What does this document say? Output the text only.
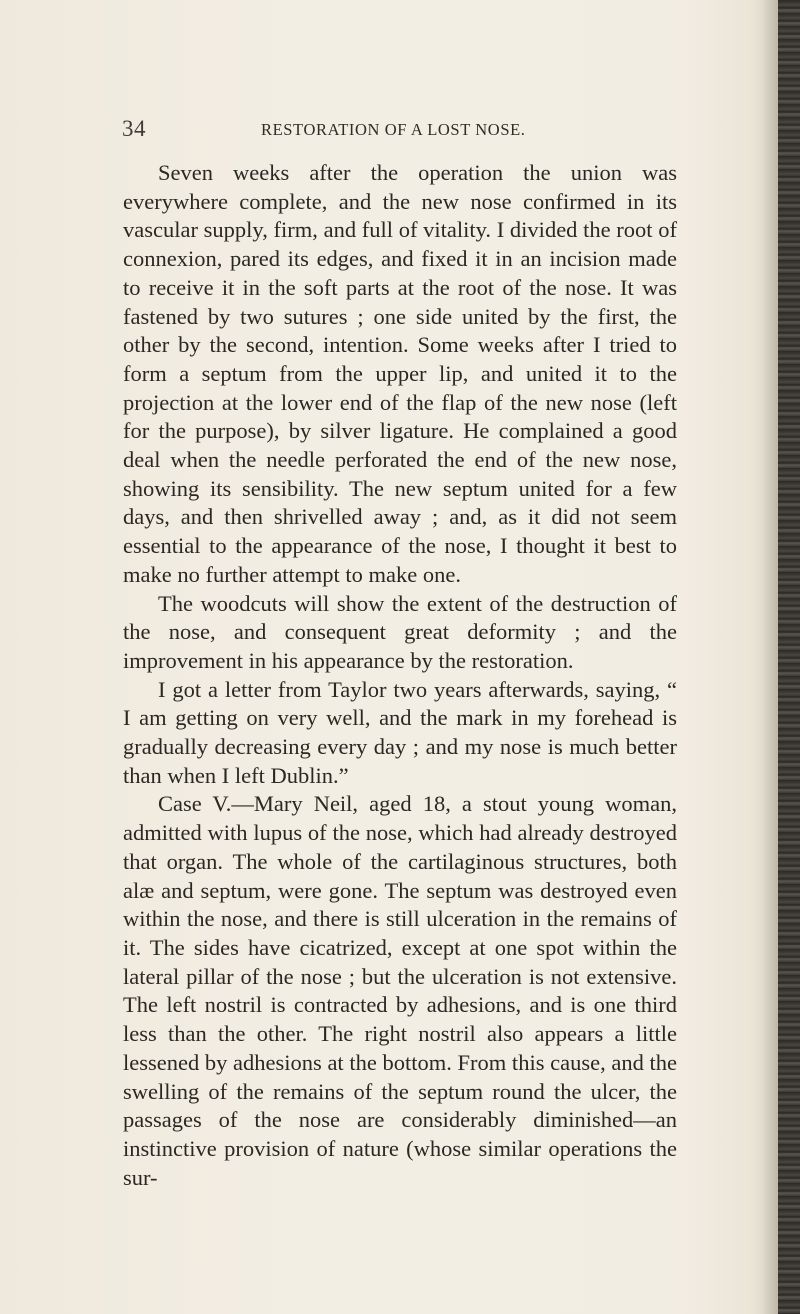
34	RESTORATION OF A LOST NOSE.

Seven weeks after the operation the union was everywhere complete, and the new nose confirmed in its vascular supply, firm, and full of vitality. I divided the root of connexion, pared its edges, and fixed it in an incision made to receive it in the soft parts at the root of the nose. It was fastened by two sutures ; one side united by the first, the other by the second, intention. Some weeks after I tried to form a septum from the upper lip, and united it to the projection at the lower end of the flap of the new nose (left for the purpose), by silver ligature. He complained a good deal when the needle perforated the end of the new nose, showing its sensibility. The new septum united for a few days, and then shrivelled away ; and, as it did not seem essential to the appearance of the nose, I thought it best to make no further attempt to make one.

The woodcuts will show the extent of the destruction of the nose, and consequent great deformity ; and the improvement in his appearance by the restoration.

I got a letter from Taylor two years afterwards, saying, “ I am getting on very well, and the mark in my forehead is gradually decreasing every day ; and my nose is much better than when I left Dublin.”

Case V.—Mary Neil, aged 18, a stout young woman, admitted with lupus of the nose, which had already destroyed that organ. The whole of the cartilaginous structures, both alæ and septum, were gone. The septum was destroyed even within the nose, and there is still ulceration in the remains of it. The sides have cicatrized, except at one spot within the lateral pillar of the nose ; but the ulceration is not extensive. The left nostril is contracted by adhesions, and is one third less than the other. The right nostril also appears a little lessened by adhesions at the bottom. From this cause, and the swelling of the remains of the septum round the ulcer, the passages of the nose are considerably diminished—an instinctive provision of nature (whose similar operations the sur-
